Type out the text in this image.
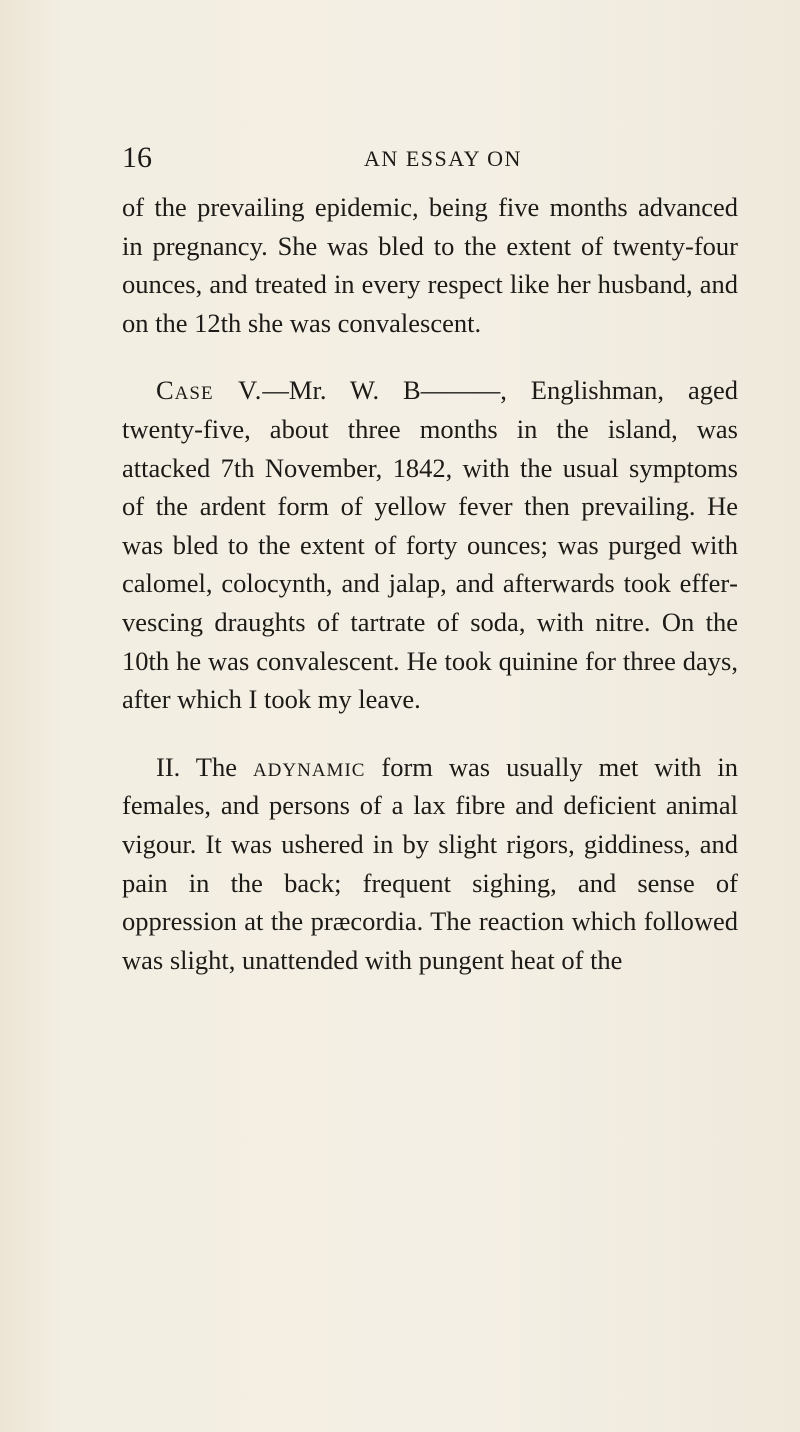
16	AN ESSAY ON

of the prevailing epidemic, being five months advanced in pregnancy. She was bled to the extent of twenty-four ounces, and treated in every respect like her husband, and on the 12th she was convalescent.

Case V.—Mr. W. B———, Englishman, aged twenty-five, about three months in the island, was attacked 7th November, 1842, with the usual symptoms of the ardent form of yellow fever then prevailing. He was bled to the extent of forty ounces; was purged with calomel, colocynth, and jalap, and afterwards took effervescing draughts of tartrate of soda, with nitre. On the 10th he was convalescent. He took quinine for three days, after which I took my leave.

II. The adynamic form was usually met with in females, and persons of a lax fibre and deficient animal vigour. It was ushered in by slight rigors, giddiness, and pain in the back; frequent sighing, and sense of oppression at the præcordia. The reaction which followed was slight, unattended with pungent heat of the
